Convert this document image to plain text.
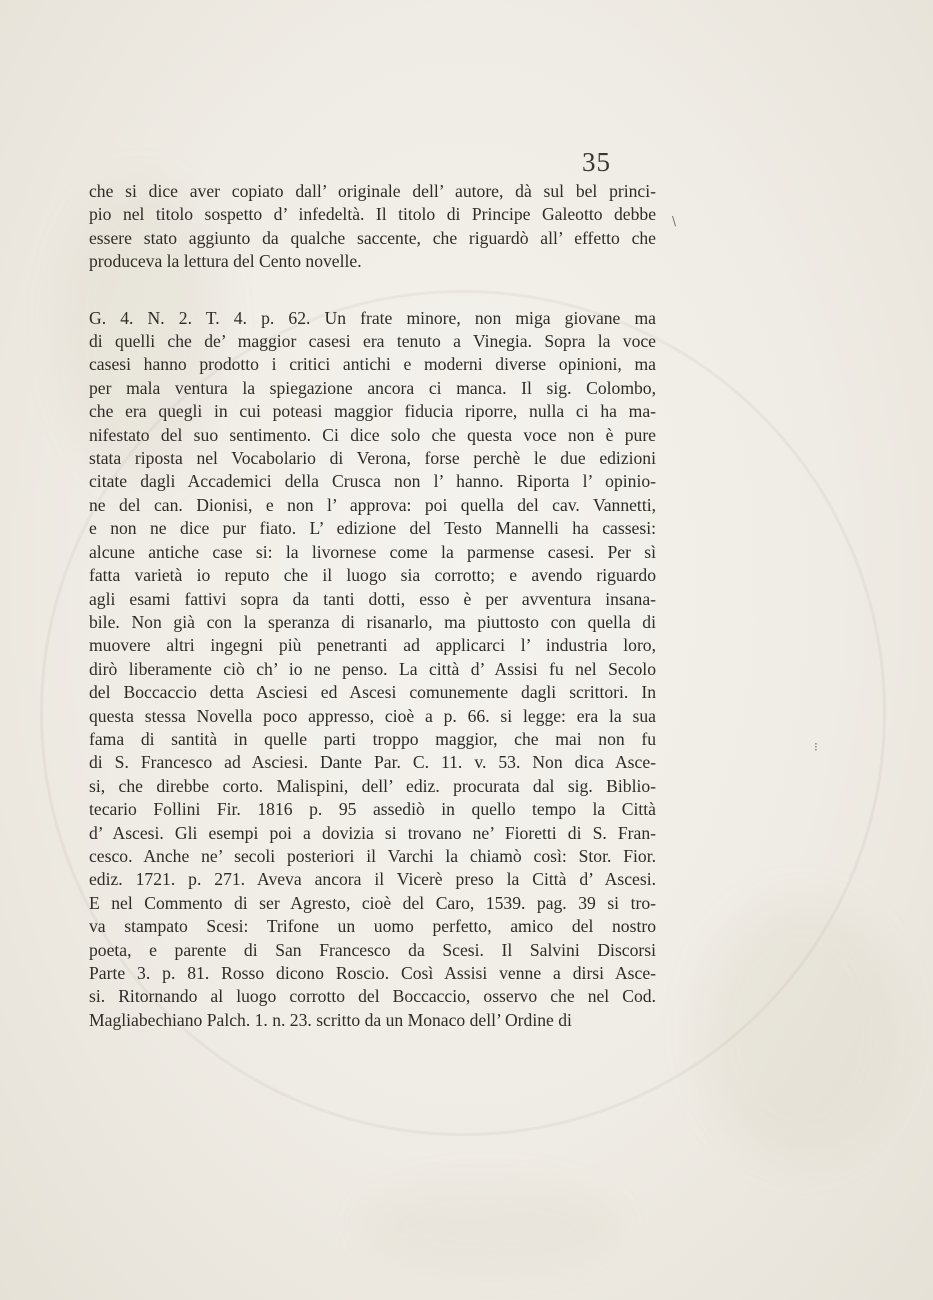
35
che si dice aver copiato dall’ originale dell’ autore, dà sul bel princi-
pio nel titolo sospetto d’ infedeltà. Il titolo di Principe Galeotto debbe
essere stato aggiunto da qualche saccente, che riguardò all’ effetto che
produceva la lettura del Cento novelle.
G. 4. N. 2. T. 4. p. 62. Un frate minore, non miga giovane ma
di quelli che de’ maggior casesi era tenuto a Vinegia. Sopra la voce
casesi hanno prodotto i critici antichi e moderni diverse opinioni, ma
per mala ventura la spiegazione ancora ci manca. Il sig. Colombo,
che era quegli in cui poteasi maggior fiducia riporre, nulla ci ha ma-
nifestato del suo sentimento. Ci dice solo che questa voce non è pure
stata riposta nel Vocabolario di Verona, forse perchè le due edizioni
citate dagli Accademici della Crusca non l’ hanno. Riporta l’ opinio-
ne del can. Dionisi, e non l’ approva: poi quella del cav. Vannetti,
e non ne dice pur fiato. L’ edizione del Testo Mannelli ha cassesi:
alcune antiche case si: la livornese come la parmense casesi. Per sì
fatta varietà io reputo che il luogo sia corrotto; e avendo riguardo
agli esami fattivi sopra da tanti dotti, esso è per avventura insana-
bile. Non già con la speranza di risanarlo, ma piuttosto con quella di
muovere altri ingegni più penetranti ad applicarci l’ industria loro,
dirò liberamente ciò ch’ io ne penso. La città d’ Assisi fu nel Secolo
del Boccaccio detta Asciesi ed Ascesi comunemente dagli scrittori. In
questa stessa Novella poco appresso, cioè a p. 66. si legge: era la sua
fama di santità in quelle parti troppo maggior, che mai non fu
di S. Francesco ad Asciesi. Dante Par. C. 11. v. 53. Non dica Asce-
si, che direbbe corto. Malispini, dell’ ediz. procurata dal sig. Biblio-
tecario Follini Fir. 1816 p. 95 assediò in quello tempo la Città
d’ Ascesi. Gli esempi poi a dovizia si trovano ne’ Fioretti di S. Fran-
cesco. Anche ne’ secoli posteriori il Varchi la chiamò così: Stor. Fior.
ediz. 1721. p. 271. Aveva ancora il Vicerè preso la Città d’ Ascesi.
E nel Commento di ser Agresto, cioè del Caro, 1539. pag. 39 si tro-
va stampato Scesi: Trifone un uomo perfetto, amico del nostro
poeta, e parente di San Francesco da Scesi. Il Salvini Discorsi
Parte 3. p. 81. Rosso dicono Roscio. Così Assisi venne a dirsi Asce-
si. Ritornando al luogo corrotto del Boccaccio, osservo che nel Cod.
Magliabechiano Palch. 1. n. 23. scritto da un Monaco dell’ Ordine di
\
⁝
